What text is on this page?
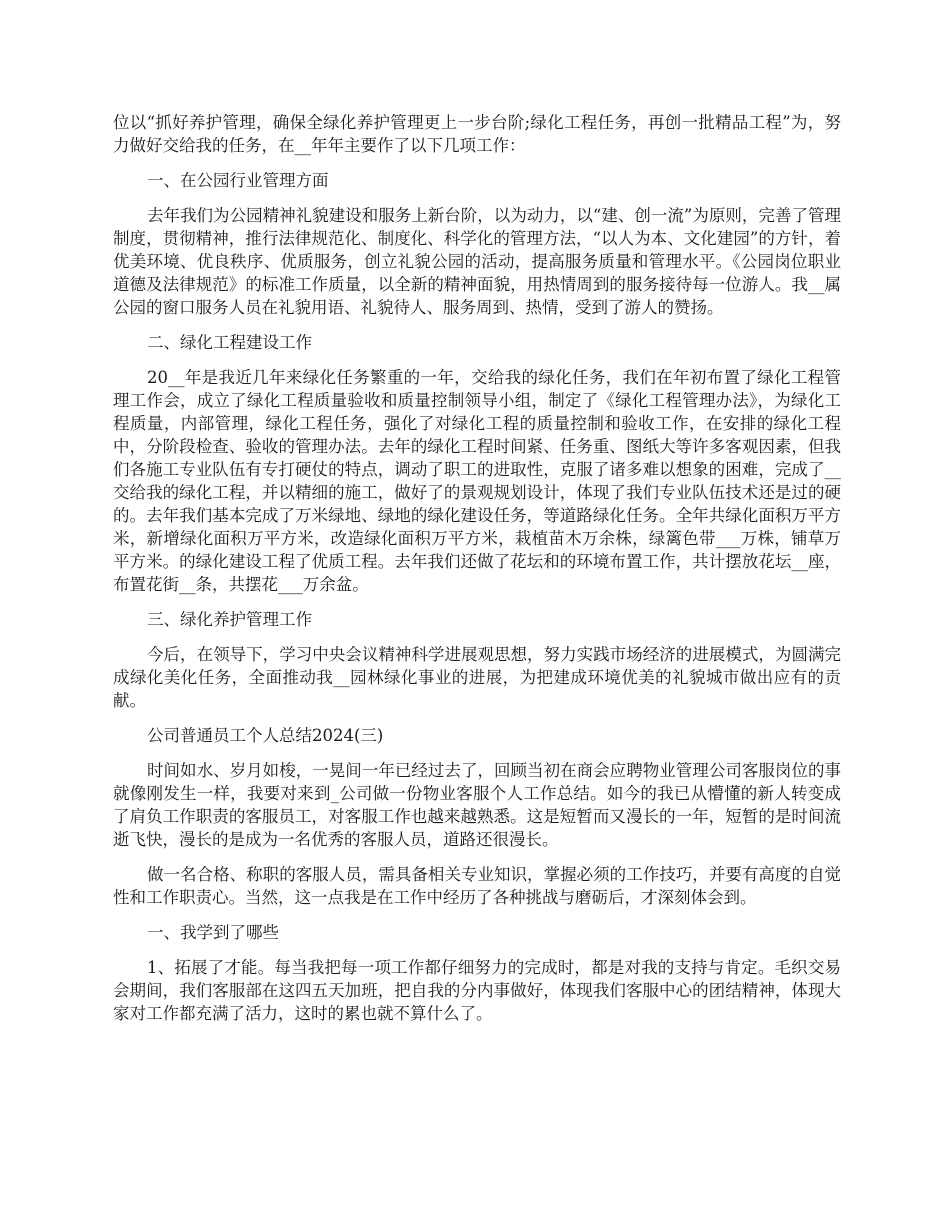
位以“抓好养护管理，确保全绿化养护管理更上一步台阶;绿化工程任务，再创一批精品工程”为，努力做好交给我的任务，在__年年主要作了以下几项工作：

一、在公园行业管理方面

去年我们为公园精神礼貌建设和服务上新台阶，以为动力，以“建、创一流”为原则，完善了管理制度，贯彻精神，推行法律规范化、制度化、科学化的管理方法，“以人为本、文化建园”的方针，着优美环境、优良秩序、优质服务，创立礼貌公园的活动，提高服务质量和管理水平。《公园岗位职业道德及法律规范》的标准工作质量，以全新的精神面貌，用热情周到的服务接待每一位游人。我__属公园的窗口服务人员在礼貌用语、礼貌待人、服务周到、热情，受到了游人的赞扬。

二、绿化工程建设工作

20__年是我近几年来绿化任务繁重的一年，交给我的绿化任务，我们在年初布置了绿化工程管理工作会，成立了绿化工程质量验收和质量控制领导小组，制定了《绿化工程管理办法》，为绿化工程质量，内部管理，绿化工程任务，强化了对绿化工程的质量控制和验收工作，在安排的绿化工程中，分阶段检查、验收的管理办法。去年的绿化工程时间紧、任务重、图纸大等许多客观因素，但我们各施工专业队伍有专打硬仗的特点，调动了职工的进取性，克服了诸多难以想象的困难，完成了__交给我的绿化工程，并以精细的施工，做好了的景观规划设计，体现了我们专业队伍技术还是过的硬的。去年我们基本完成了万米绿地、绿地的绿化建设任务，等道路绿化任务。全年共绿化面积万平方米，新增绿化面积万平方米，改造绿化面积万平方米，栽植苗木万余株，绿篱色带___万株，铺草万平方米。的绿化建设工程了优质工程。去年我们还做了花坛和的环境布置工作，共计摆放花坛__座，布置花街__条，共摆花___万余盆。

三、绿化养护管理工作

今后，在领导下，学习中央会议精神科学进展观思想，努力实践市场经济的进展模式，为圆满完成绿化美化任务，全面推动我__园林绿化事业的进展，为把建成环境优美的礼貌城市做出应有的贡献。

公司普通员工个人总结2024(三)

时间如水、岁月如梭，一晃间一年已经过去了，回顾当初在商会应聘物业管理公司客服岗位的事就像刚发生一样，我要对来到_公司做一份物业客服个人工作总结。如今的我已从懵懂的新人转变成了肩负工作职责的客服员工，对客服工作也越来越熟悉。这是短暂而又漫长的一年，短暂的是时间流逝飞快，漫长的是成为一名优秀的客服人员，道路还很漫长。

做一名合格、称职的客服人员，需具备相关专业知识，掌握必须的工作技巧，并要有高度的自觉性和工作职责心。当然，这一点我是在工作中经历了各种挑战与磨砺后，才深刻体会到。

一、我学到了哪些

1、拓展了才能。每当我把每一项工作都仔细努力的完成时，都是对我的支持与肯定。毛织交易会期间，我们客服部在这四五天加班，把自我的分内事做好，体现我们客服中心的团结精神，体现大家对工作都充满了活力，这时的累也就不算什么了。
